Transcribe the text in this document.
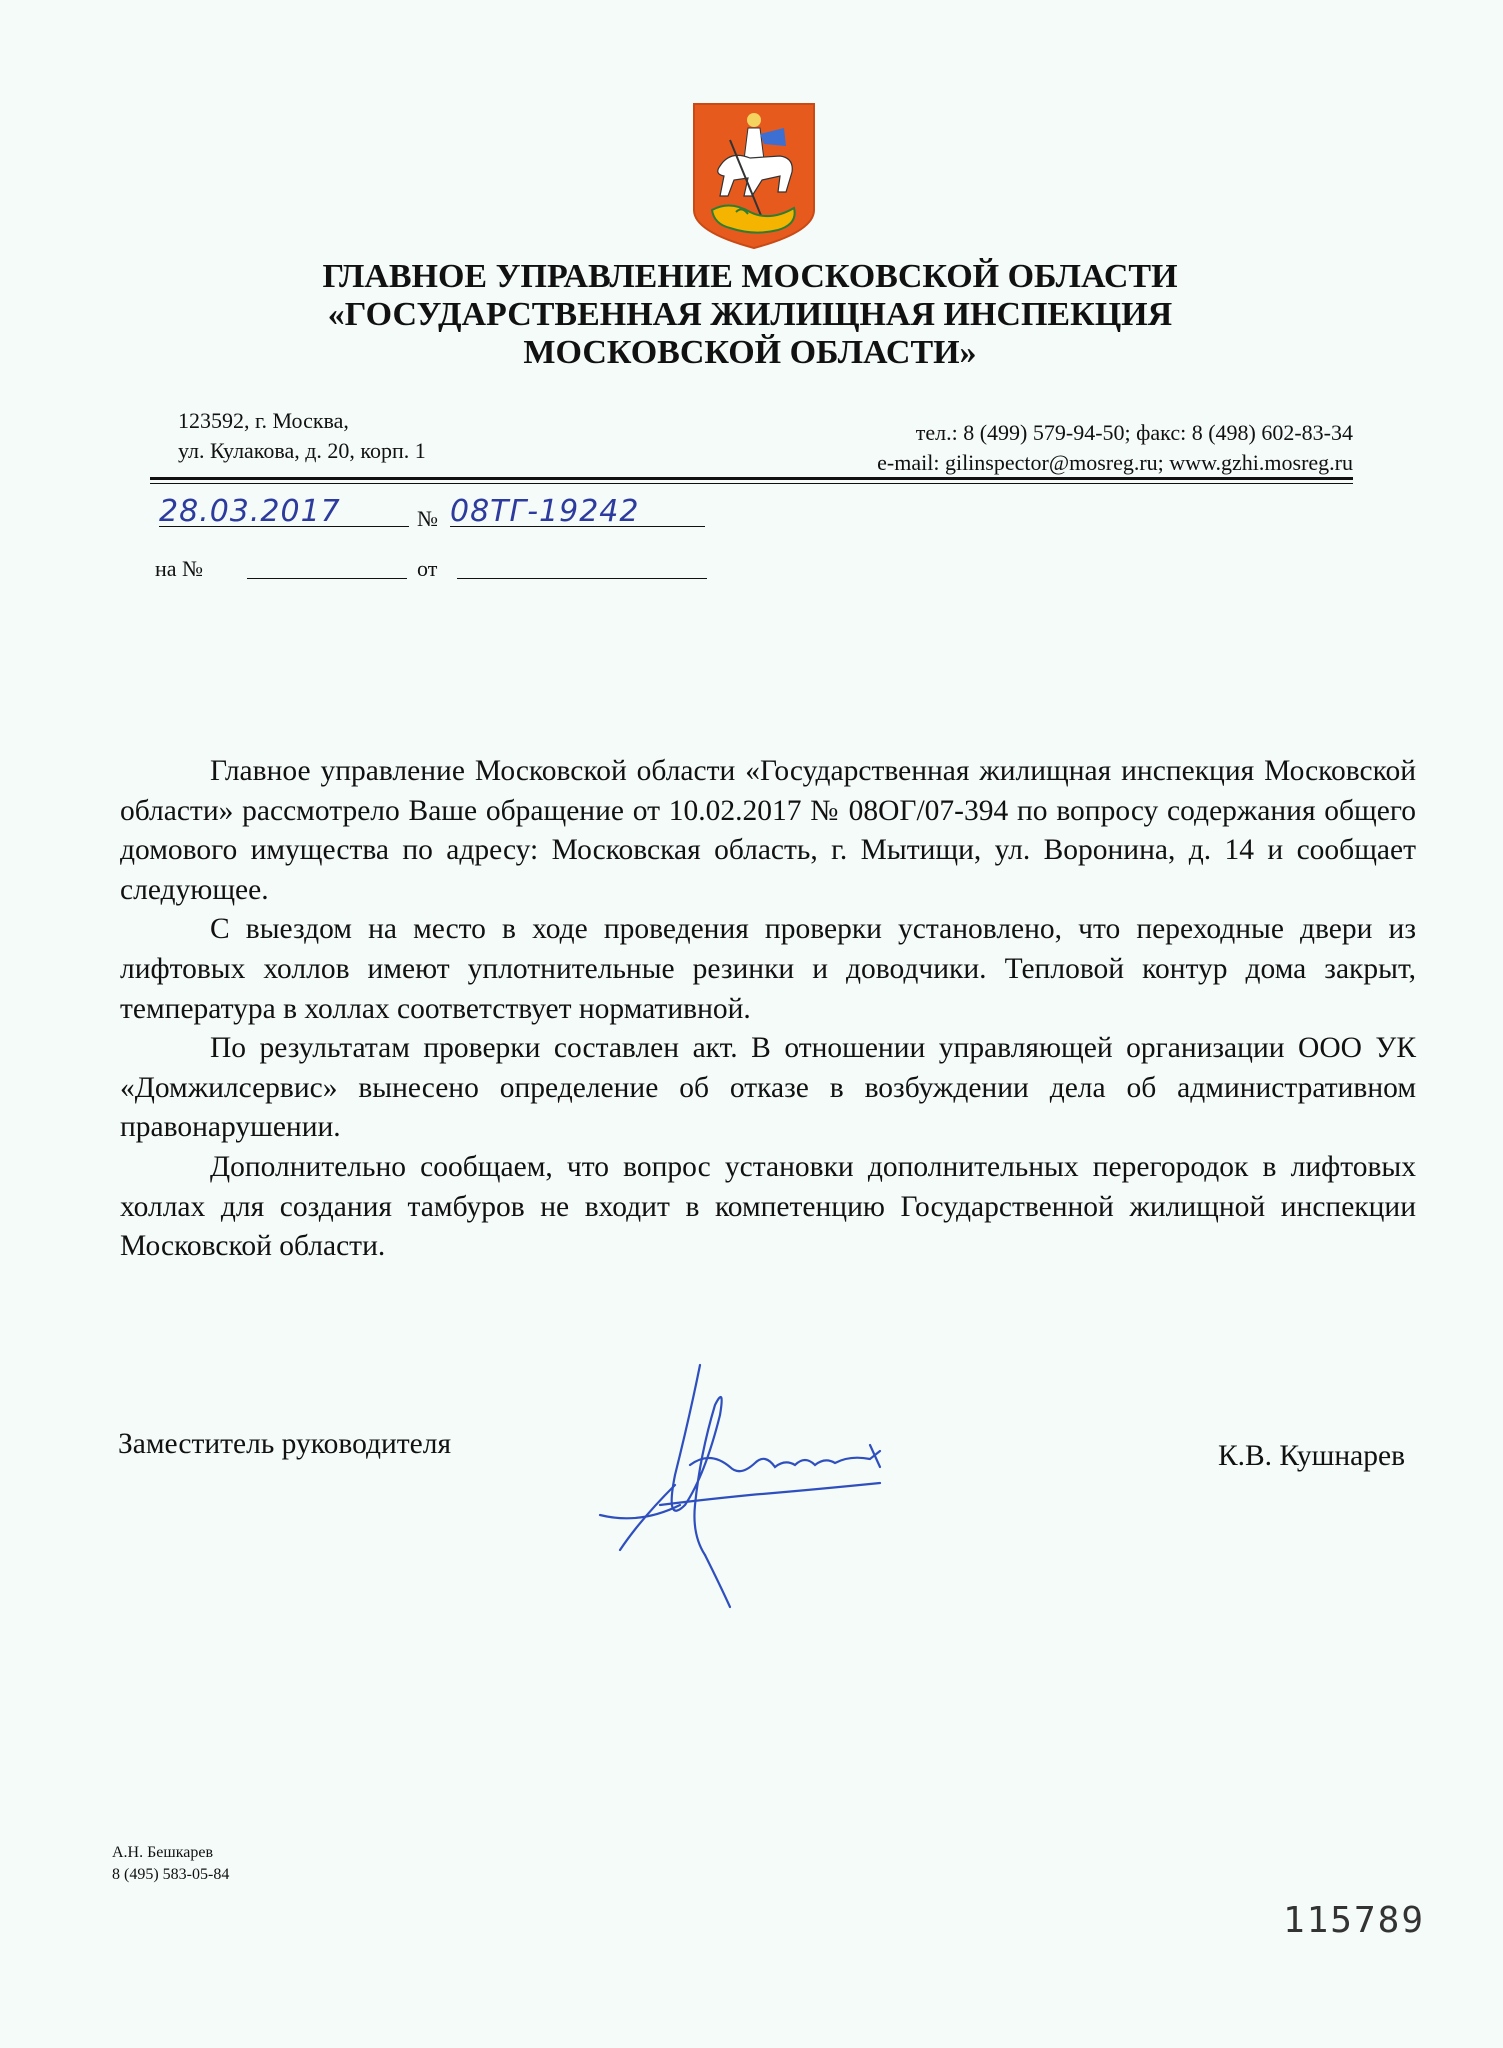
ГЛАВНОЕ УПРАВЛЕНИЕ МОСКОВСКОЙ ОБЛАСТИ
«ГОСУДАРСТВЕННАЯ ЖИЛИЩНАЯ ИНСПЕКЦИЯ
МОСКОВСКОЙ ОБЛАСТИ»
123592, г. Москва,
ул. Кулакова, д. 20, корп. 1
тел.: 8 (499) 579-94-50; факс: 8 (498) 602-83-34
e-mail: gilinspector@mosreg.ru; www.gzhi.mosreg.ru
28.03.2017	№ 08ТГ-19242
на №	от

Главное управление Московской области «Государственная жилищная инспекция Московской области» рассмотрело Ваше обращение от 10.02.2017 № 08ОГ/07-394 по вопросу содержания общего домового имущества по адресу: Московская область, г. Мытищи, ул. Воронина, д. 14 и сообщает следующее.

С выездом на место в ходе проведения проверки установлено, что переходные двери из лифтовых холлов имеют уплотнительные резинки и доводчики. Тепловой контур дома закрыт, температура в холлах соответствует нормативной.

По результатам проверки составлен акт. В отношении управляющей организации ООО УК «Домжилсервис» вынесено определение об отказе в возбуждении дела об административном правонарушении.

Дополнительно сообщаем, что вопрос установки дополнительных перегородок в лифтовых холлах для создания тамбуров не входит в компетенцию Государственной жилищной инспекции Московской области.

Заместитель руководителя	К.В. Кушнарев
А.Н. Бешкарев
8 (495) 583-05-84
115789
